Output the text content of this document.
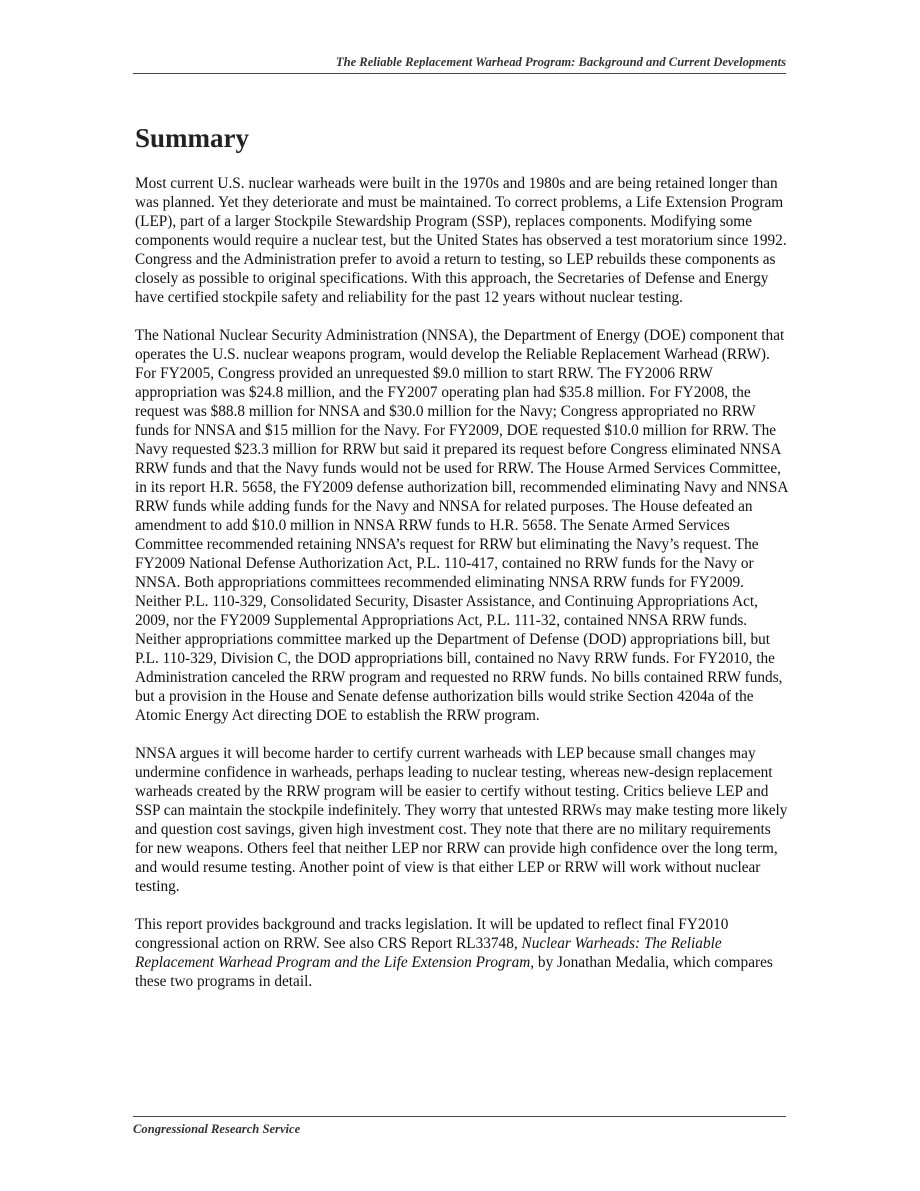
The Reliable Replacement Warhead Program: Background and Current Developments
Summary

Most current U.S. nuclear warheads were built in the 1970s and 1980s and are being retained longer than was planned. Yet they deteriorate and must be maintained. To correct problems, a Life Extension Program (LEP), part of a larger Stockpile Stewardship Program (SSP), replaces components. Modifying some components would require a nuclear test, but the United States has observed a test moratorium since 1992. Congress and the Administration prefer to avoid a return to testing, so LEP rebuilds these components as closely as possible to original specifications. With this approach, the Secretaries of Defense and Energy have certified stockpile safety and reliability for the past 12 years without nuclear testing.

The National Nuclear Security Administration (NNSA), the Department of Energy (DOE) component that operates the U.S. nuclear weapons program, would develop the Reliable Replacement Warhead (RRW). For FY2005, Congress provided an unrequested $9.0 million to start RRW. The FY2006 RRW appropriation was $24.8 million, and the FY2007 operating plan had $35.8 million. For FY2008, the request was $88.8 million for NNSA and $30.0 million for the Navy; Congress appropriated no RRW funds for NNSA and $15 million for the Navy. For FY2009, DOE requested $10.0 million for RRW. The Navy requested $23.3 million for RRW but said it prepared its request before Congress eliminated NNSA RRW funds and that the Navy funds would not be used for RRW. The House Armed Services Committee, in its report H.R. 5658, the FY2009 defense authorization bill, recommended eliminating Navy and NNSA RRW funds while adding funds for the Navy and NNSA for related purposes. The House defeated an amendment to add $10.0 million in NNSA RRW funds to H.R. 5658. The Senate Armed Services Committee recommended retaining NNSA’s request for RRW but eliminating the Navy’s request. The FY2009 National Defense Authorization Act, P.L. 110-417, contained no RRW funds for the Navy or NNSA. Both appropriations committees recommended eliminating NNSA RRW funds for FY2009. Neither P.L. 110-329, Consolidated Security, Disaster Assistance, and Continuing Appropriations Act, 2009, nor the FY2009 Supplemental Appropriations Act, P.L. 111-32, contained NNSA RRW funds. Neither appropriations committee marked up the Department of Defense (DOD) appropriations bill, but P.L. 110-329, Division C, the DOD appropriations bill, contained no Navy RRW funds. For FY2010, the Administration canceled the RRW program and requested no RRW funds. No bills contained RRW funds, but a provision in the House and Senate defense authorization bills would strike Section 4204a of the Atomic Energy Act directing DOE to establish the RRW program.

NNSA argues it will become harder to certify current warheads with LEP because small changes may undermine confidence in warheads, perhaps leading to nuclear testing, whereas new-design replacement warheads created by the RRW program will be easier to certify without testing. Critics believe LEP and SSP can maintain the stockpile indefinitely. They worry that untested RRWs may make testing more likely and question cost savings, given high investment cost. They note that there are no military requirements for new weapons. Others feel that neither LEP nor RRW can provide high confidence over the long term, and would resume testing. Another point of view is that either LEP or RRW will work without nuclear testing.

This report provides background and tracks legislation. It will be updated to reflect final FY2010 congressional action on RRW. See also CRS Report RL33748, Nuclear Warheads: The Reliable Replacement Warhead Program and the Life Extension Program, by Jonathan Medalia, which compares these two programs in detail.

Congressional Research Service
